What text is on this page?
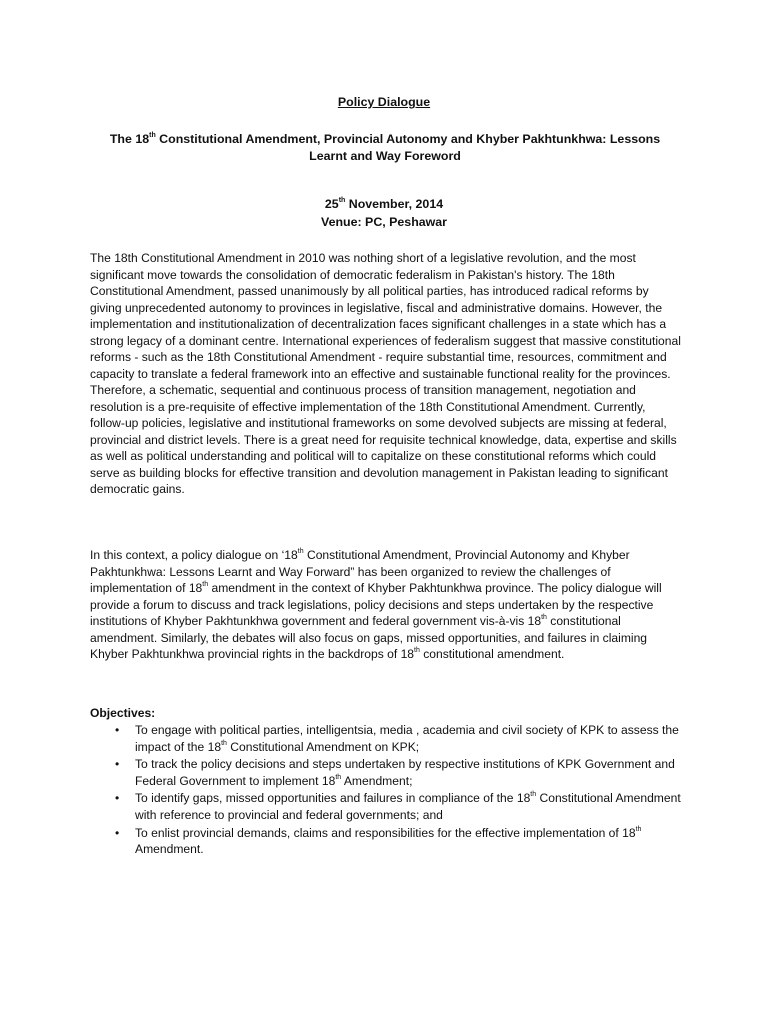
Policy Dialogue
The 18th Constitutional Amendment, Provincial Autonomy and Khyber Pakhtunkhwa: Lessons Learnt and Way Foreword
25th November, 2014
Venue: PC, Peshawar

The 18th Constitutional Amendment in 2010 was nothing short of a legislative revolution, and the most significant move towards the consolidation of democratic federalism in Pakistan's history. The 18th Constitutional Amendment, passed unanimously by all political parties, has introduced radical reforms by giving unprecedented autonomy to provinces in legislative, fiscal and administrative domains. However, the implementation and institutionalization of decentralization faces significant challenges in a state which has a strong legacy of a dominant centre. International experiences of federalism suggest that massive constitutional reforms - such as the 18th Constitutional Amendment - require substantial time, resources, commitment and capacity to translate a federal framework into an effective and sustainable functional reality for the provinces. Therefore, a schematic, sequential and continuous process of transition management, negotiation and resolution is a pre-requisite of effective implementation of the 18th Constitutional Amendment. Currently, follow-up policies, legislative and institutional frameworks on some devolved subjects are missing at federal, provincial and district levels. There is a great need for requisite technical knowledge, data, expertise and skills as well as political understanding and political will to capitalize on these constitutional reforms which could serve as building blocks for effective transition and devolution management in Pakistan leading to significant democratic gains.

In this context, a policy dialogue on ‘18th Constitutional Amendment, Provincial Autonomy and Khyber Pakhtunkhwa: Lessons Learnt and Way Forward” has been organized to review the challenges of implementation of 18th amendment in the context of Khyber Pakhtunkhwa province. The policy dialogue will provide a forum to discuss and track legislations, policy decisions and steps undertaken by the respective institutions of Khyber Pakhtunkhwa government and federal government vis-à-vis 18th constitutional amendment. Similarly, the debates will also focus on gaps, missed opportunities, and failures in claiming Khyber Pakhtunkhwa provincial rights in the backdrops of 18th constitutional amendment.

Objectives:
• To engage with political parties, intelligentsia, media , academia and civil society of KPK to assess the impact of the 18th Constitutional Amendment on KPK;
• To track the policy decisions and steps undertaken by respective institutions of KPK Government and Federal Government to implement 18th Amendment;
• To identify gaps, missed opportunities and failures in compliance of the 18th Constitutional Amendment with reference to provincial and federal governments; and
• To enlist provincial demands, claims and responsibilities for the effective implementation of 18th Amendment.
